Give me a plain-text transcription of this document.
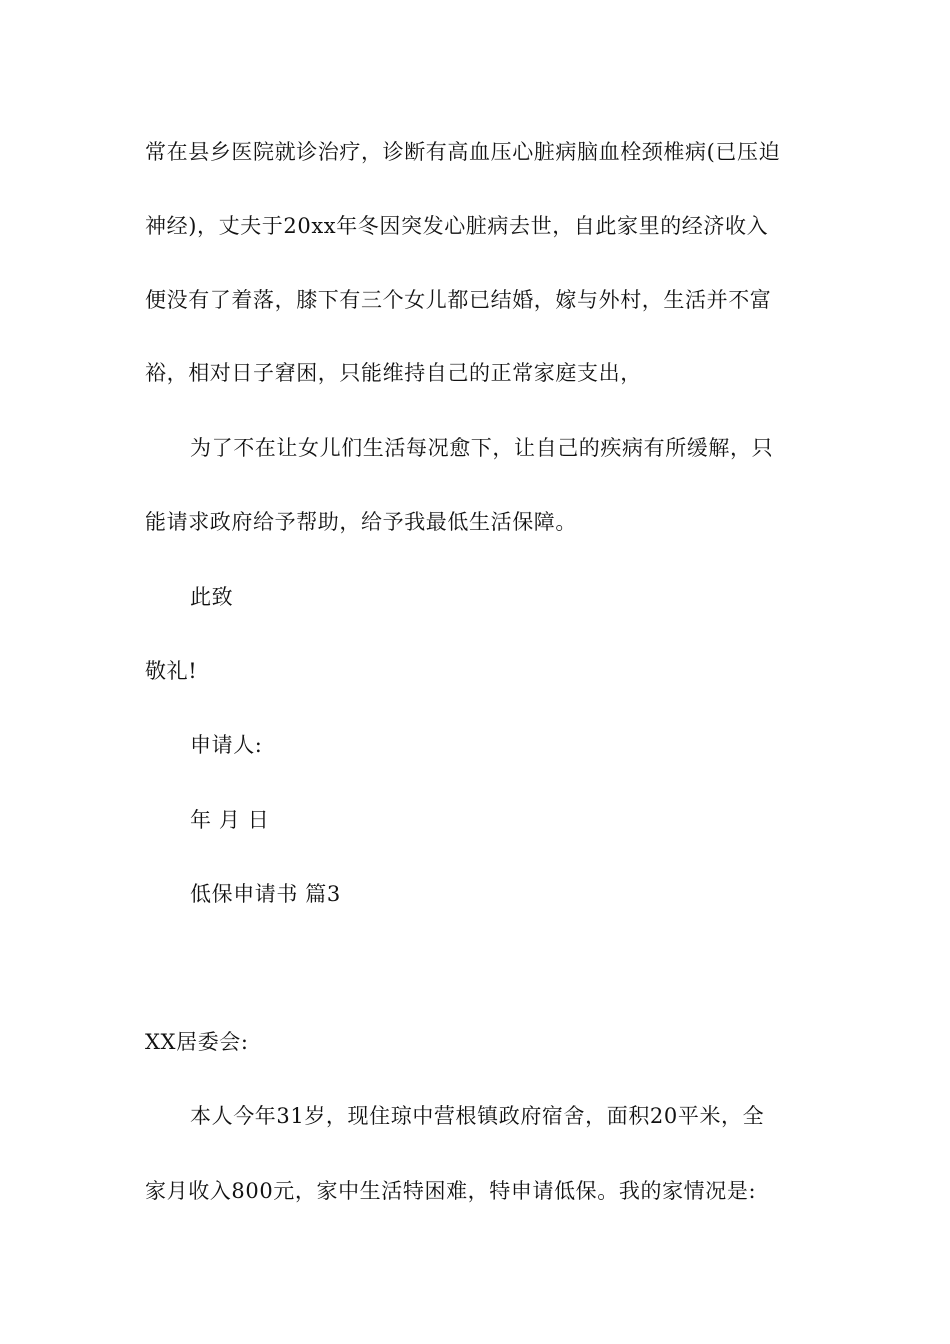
常在县乡医院就诊治疗，诊断有高血压心脏病脑血栓颈椎病(已压迫
神经)，丈夫于20xx年冬因突发心脏病去世，自此家里的经济收入
便没有了着落，膝下有三个女儿都已结婚，嫁与外村，生活并不富
裕，相对日子窘困，只能维持自己的正常家庭支出，
为了不在让女儿们生活每况愈下，让自己的疾病有所缓解，只
能请求政府给予帮助，给予我最低生活保障。
此致
敬礼!
申请人:
年 月 日
低保申请书 篇3
XX居委会:
本人今年31岁，现住琼中营根镇政府宿舍，面积20平米，全
家月收入800元，家中生活特困难，特申请低保。我的家情况是:
